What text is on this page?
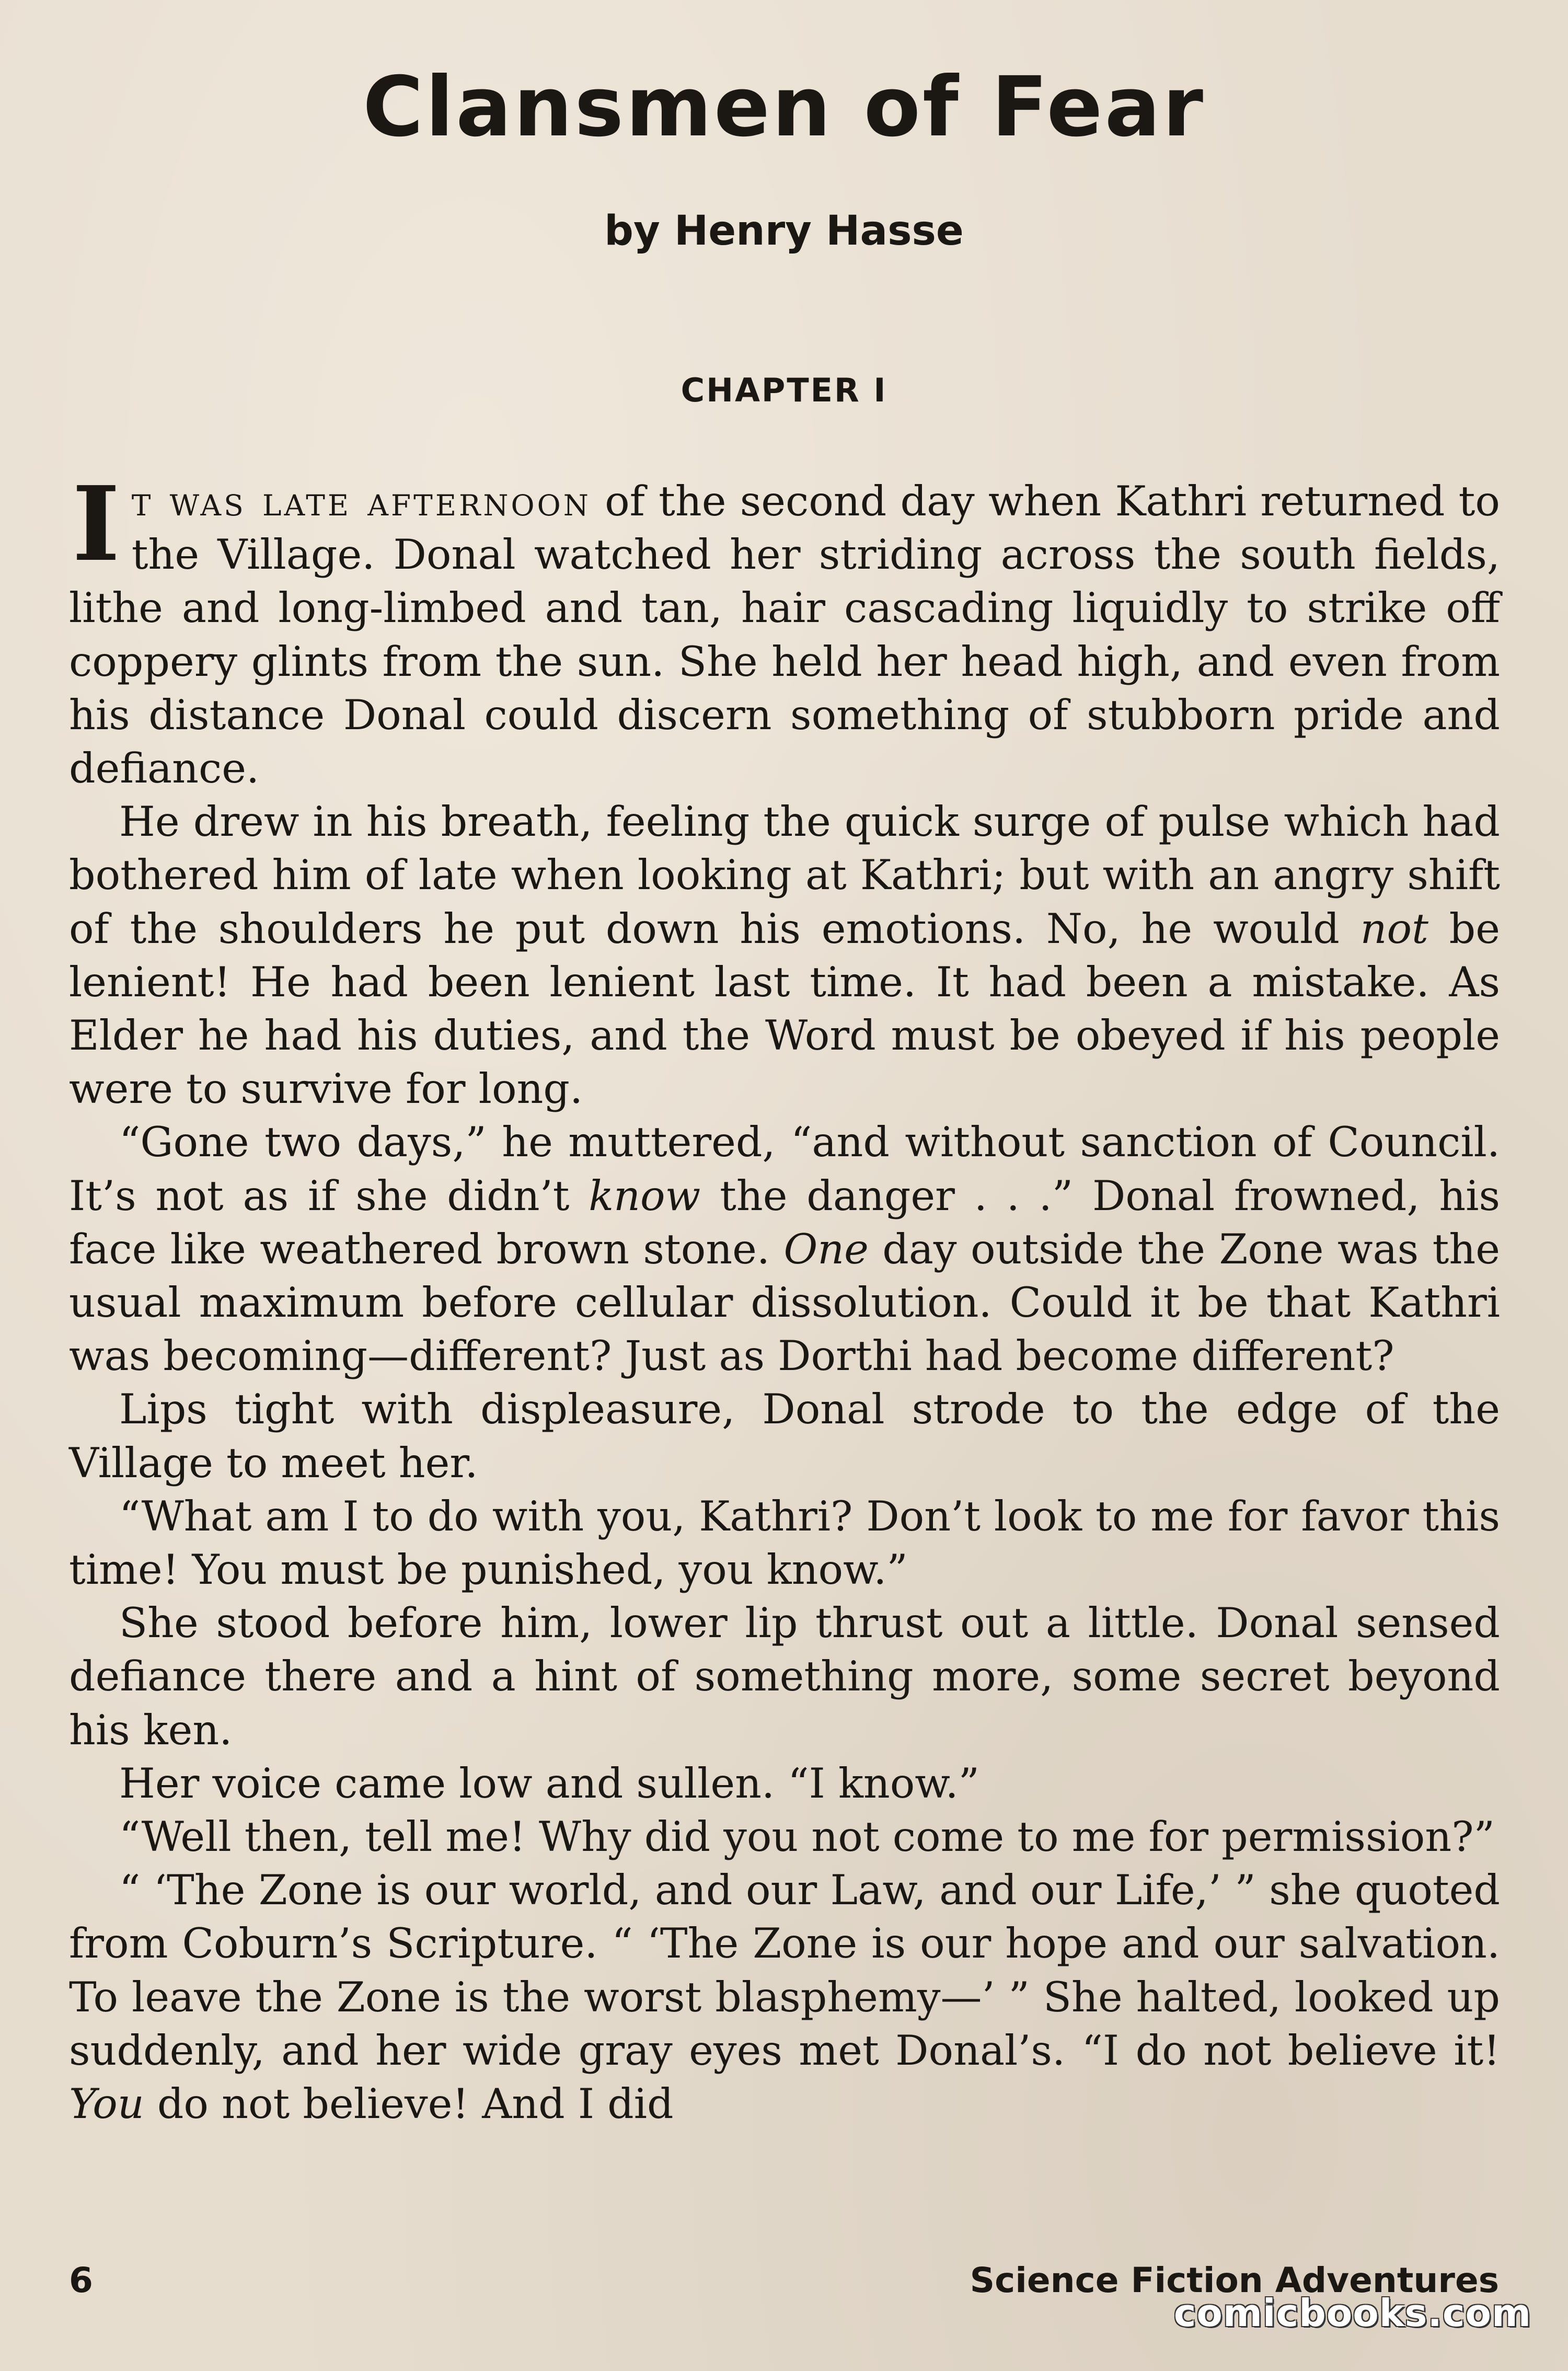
Clansmen of Fear
by Henry Hasse
CHAPTER I

It was late afternoon of the second day when Kathri returned to the Village. Donal watched her striding across the south fields, lithe and long-limbed and tan, hair cascading liquidly to strike off coppery glints from the sun. She held her head high, and even from his distance Donal could discern something of stubborn pride and defiance.

He drew in his breath, feeling the quick surge of pulse which had bothered him of late when looking at Kathri; but with an angry shift of the shoulders he put down his emotions. No, he would not be lenient! He had been lenient last time. It had been a mistake. As Elder he had his duties, and the Word must be obeyed if his people were to survive for long.

“Gone two days,” he muttered, “and without sanction of Council. It’s not as if she didn’t know the danger . . .” Donal frowned, his face like weathered brown stone. One day outside the Zone was the usual maximum before cellular dissolution. Could it be that Kathri was becoming—different? Just as Dorthi had become different?

Lips tight with displeasure, Donal strode to the edge of the Village to meet her.

“What am I to do with you, Kathri? Don’t look to me for favor this time! You must be punished, you know.”

She stood before him, lower lip thrust out a little. Donal sensed defiance there and a hint of something more, some secret beyond his ken.

Her voice came low and sullen. “I know.”

“Well then, tell me! Why did you not come to me for permission?”

“ ‘The Zone is our world, and our Law, and our Life,’ ” she quoted from Coburn’s Scripture. “ ‘The Zone is our hope and our salvation. To leave the Zone is the worst blasphemy—’ ” She halted, looked up suddenly, and her wide gray eyes met Donal’s. “I do not believe it! You do not believe! And I did

6	Science Fiction Adventures
comicbooks.com
